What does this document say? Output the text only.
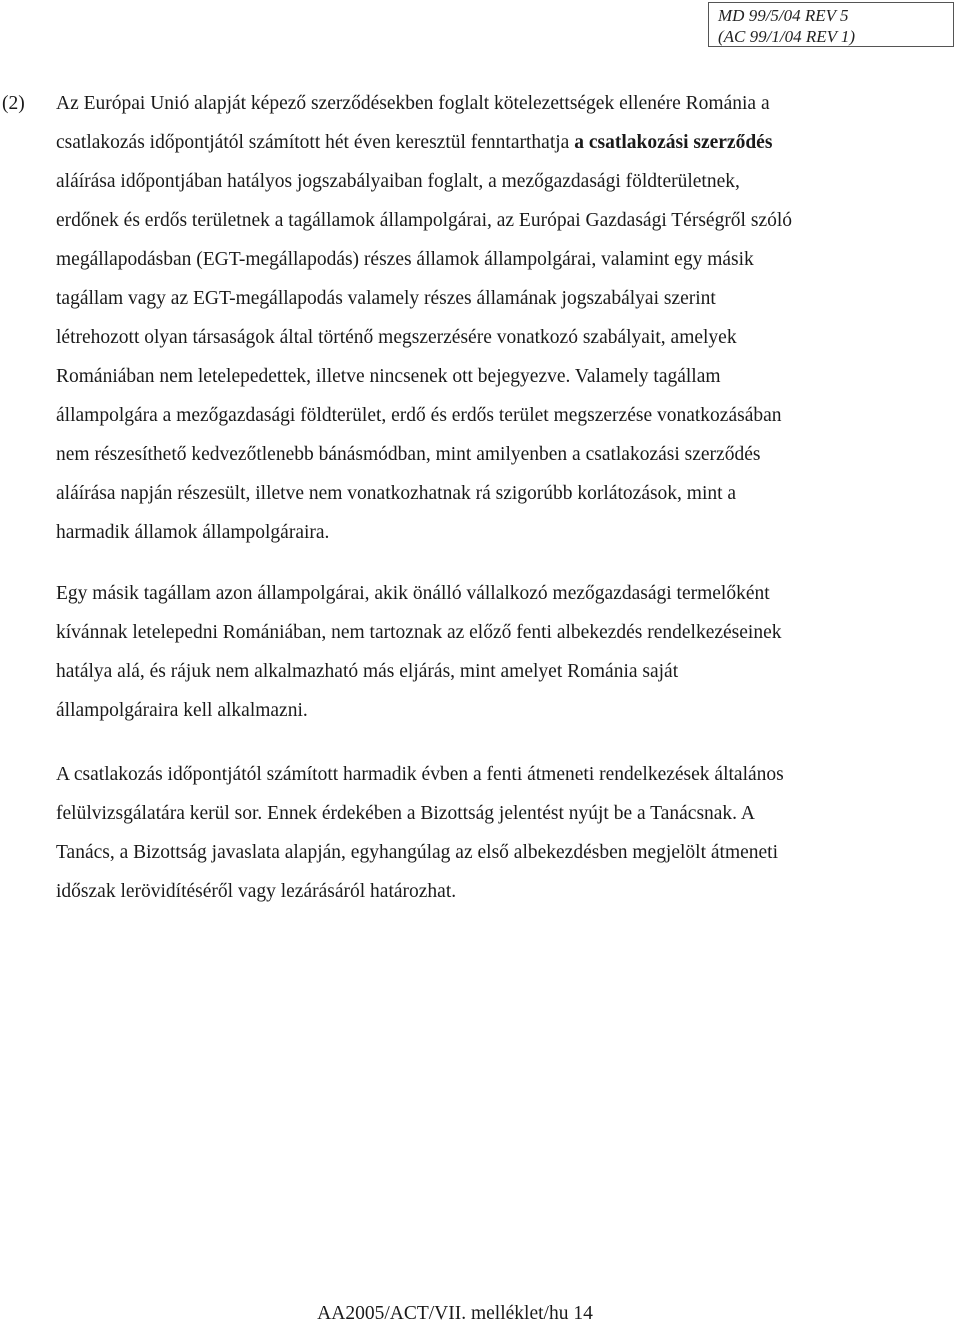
MD 99/5/04 REV 5
(AC 99/1/04 REV 1)
(2) Az Európai Unió alapját képező szerződésekben foglalt kötelezettségek ellenére Románia a
csatlakozás időpontjától számított hét éven keresztül fenntarthatja a csatlakozási szerződés
aláírása időpontjában hatályos jogszabályaiban foglalt, a mezőgazdasági földterületnek,
erdőnek és erdős területnek a tagállamok állampolgárai, az Európai Gazdasági Térségről szóló
megállapodásban (EGT-megállapodás) részes államok állampolgárai, valamint egy másik
tagállam vagy az EGT-megállapodás valamely részes államának jogszabályai szerint
létrehozott olyan társaságok által történő megszerzésére vonatkozó szabályait, amelyek
Romániában nem letelepedettek, illetve nincsenek ott bejegyezve. Valamely tagállam
állampolgára a mezőgazdasági földterület, erdő és erdős terület megszerzése vonatkozásában
nem részesíthető kedvezőtlenebb bánásmódban, mint amilyenben a csatlakozási szerződés
aláírása napján részesült, illetve nem vonatkozhatnak rá szigorúbb korlátozások, mint a
harmadik államok állampolgáraira.
Egy másik tagállam azon állampolgárai, akik önálló vállalkozó mezőgazdasági termelőként
kívánnak letelepedni Romániában, nem tartoznak az előző fenti albekezdés rendelkezéseinek
hatálya alá, és rájuk nem alkalmazható más eljárás, mint amelyet Románia saját
állampolgáraira kell alkalmazni.
A csatlakozás időpontjától számított harmadik évben a fenti átmeneti rendelkezések általános
felülvizsgálatára kerül sor. Ennek érdekében a Bizottság jelentést nyújt be a Tanácsnak. A
Tanács, a Bizottság javaslata alapján, egyhangúlag az első albekezdésben megjelölt átmeneti
időszak lerövidítéséről vagy lezárásáról határozhat.
AA2005/ACT/VII. melléklet/hu 14
